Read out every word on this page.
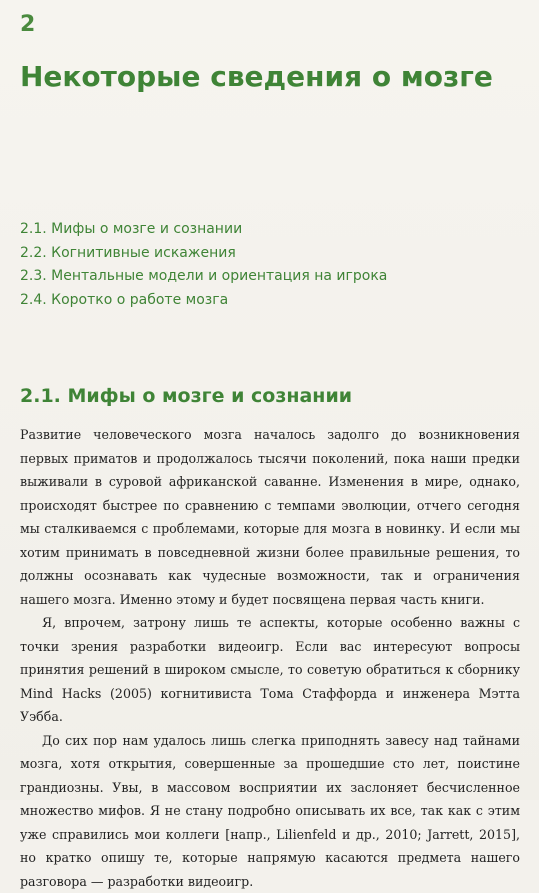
2
Некоторые сведения о мозге
2.1. Мифы о мозге и сознании
2.2. Когнитивные искажения
2.3. Ментальные модели и ориентация на игрока
2.4. Коротко о работе мозга
2.1. Мифы о мозге и сознании

Развитие человеческого мозга началось задолго до возникновения первых приматов и продолжалось тысячи поколений, пока наши предки выживали в суровой африканской саванне. Изменения в мире, однако, происходят быстрее по сравнению с темпами эволюции, отчего сегодня мы сталкиваемся с проблемами, которые для мозга в новинку. И если мы хотим принимать в повседневной жизни более правильные решения, то должны осознавать как чудесные возможности, так и ограничения нашего мозга. Именно этому и будет посвящена первая часть книги.

Я, впрочем, затрону лишь те аспекты, которые особенно важны с точки зрения разработки видеоигр. Если вас интересуют вопросы принятия решений в широком смысле, то советую обратиться к сборнику Mind Hacks (2005) когнитивиста Тома Стаффорда и инженера Мэтта Уэбба.

До сих пор нам удалось лишь слегка приподнять завесу над тайнами мозга, хотя открытия, совершенные за прошедшие сто лет, поистине грандиозны. Увы, в массовом восприятии их заслоняет бесчисленное множество мифов. Я не стану подробно описывать их все, так как с этим уже справились мои коллеги [напр., Lilienfeld и др., 2010; Jarrett, 2015], но кратко опишу те, которые напрямую касаются предмета нашего разговора — разработки видеоигр.
